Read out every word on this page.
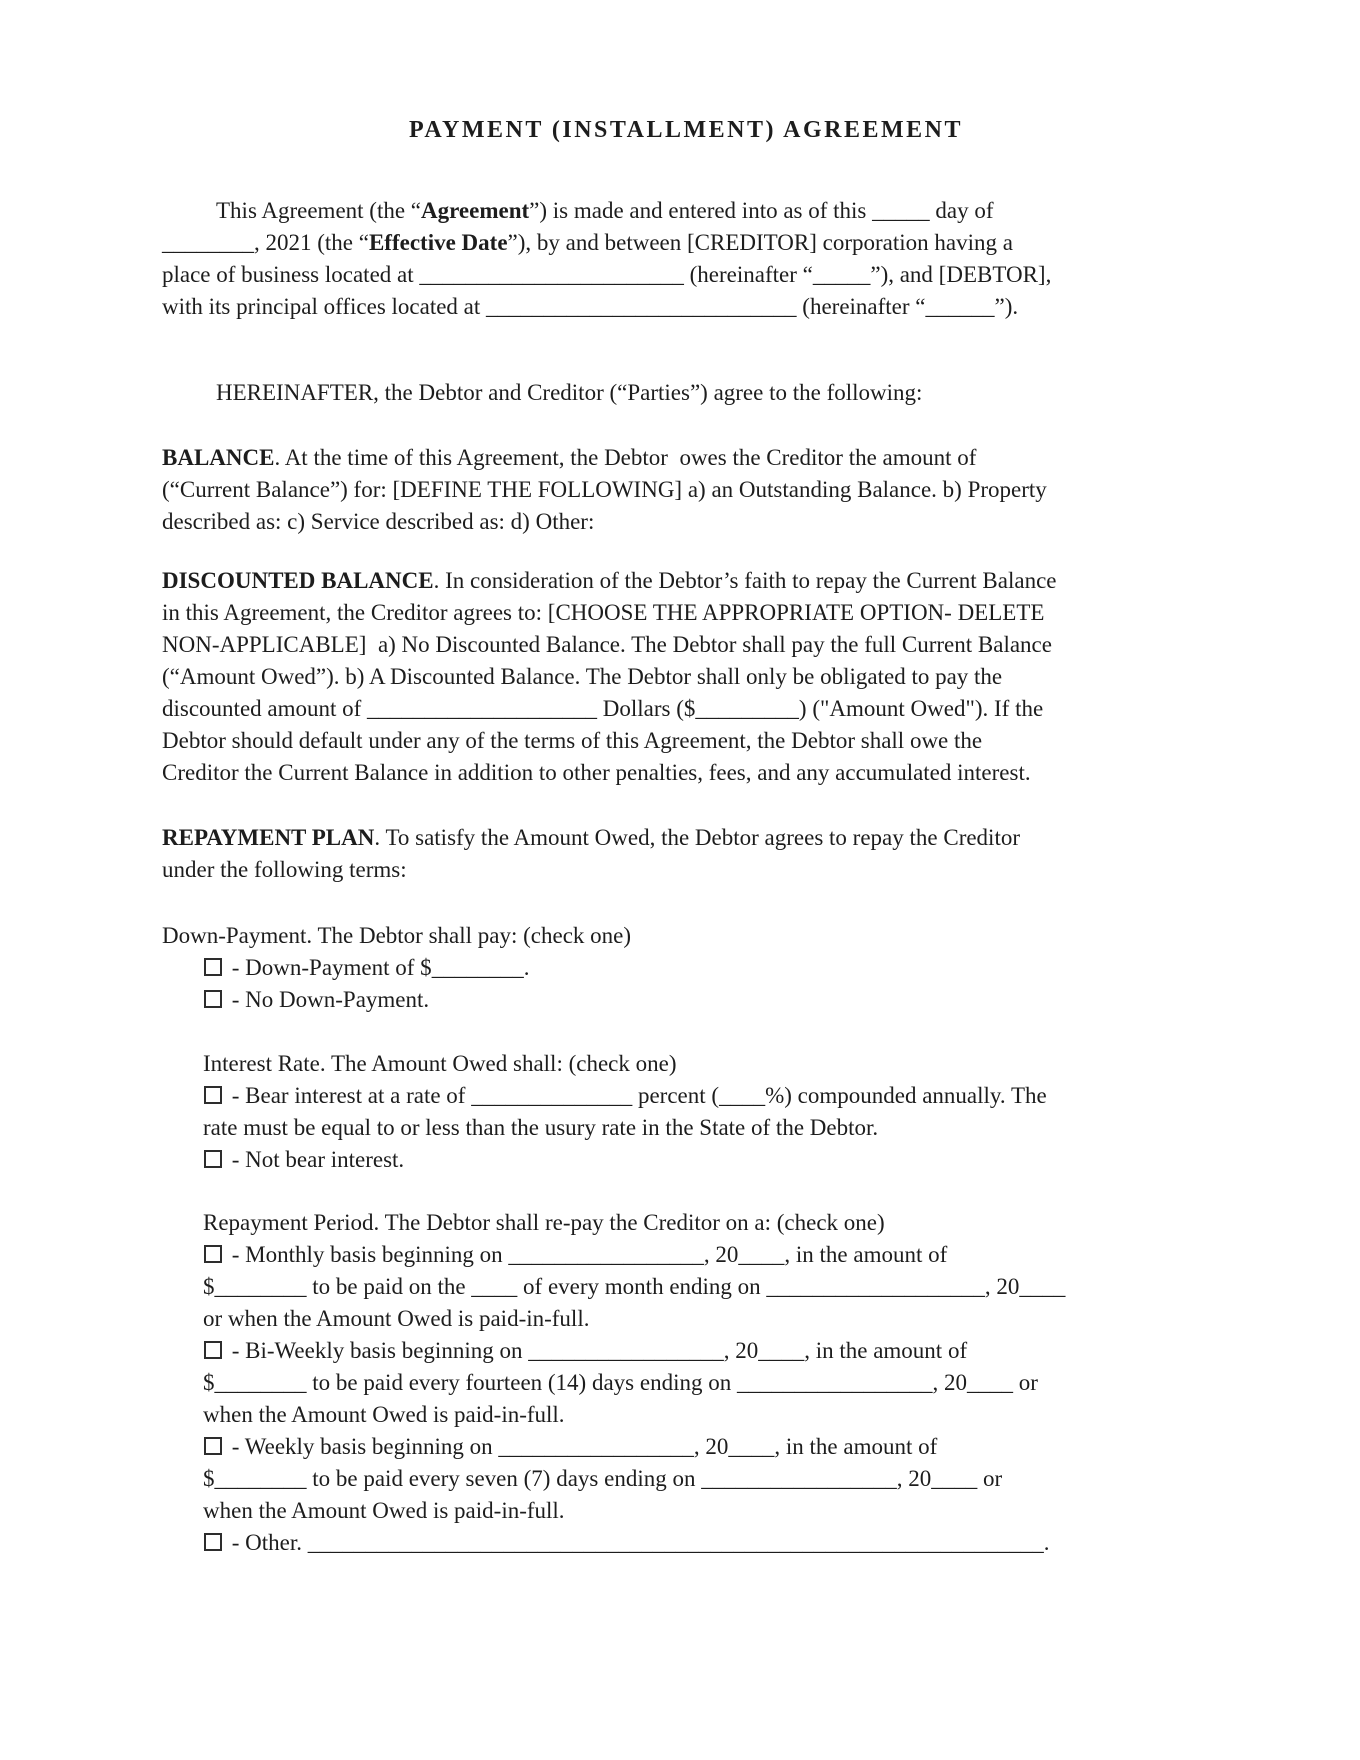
PAYMENT (INSTALLMENT) AGREEMENT
This Agreement (the “Agreement”) is made and entered into as of this _____ day of
________, 2021 (the “Effective Date”), by and between [CREDITOR] corporation having a
place of business located at _______________________ (hereinafter “_____”), and [DEBTOR],
with its principal offices located at ___________________________ (hereinafter “______”).
HEREINAFTER, the Debtor and Creditor (“Parties”) agree to the following:
BALANCE. At the time of this Agreement, the Debtor  owes the Creditor the amount of
(“Current Balance”) for: [DEFINE THE FOLLOWING] a) an Outstanding Balance. b) Property
described as: c) Service described as: d) Other:
DISCOUNTED BALANCE. In consideration of the Debtor’s faith to repay the Current Balance
in this Agreement, the Creditor agrees to: [CHOOSE THE APPROPRIATE OPTION- DELETE
NON-APPLICABLE]  a) No Discounted Balance. The Debtor shall pay the full Current Balance
(“Amount Owed”). b) A Discounted Balance. The Debtor shall only be obligated to pay the
discounted amount of ____________________ Dollars ($_________) ("Amount Owed"). If the
Debtor should default under any of the terms of this Agreement, the Debtor shall owe the
Creditor the Current Balance in addition to other penalties, fees, and any accumulated interest.
REPAYMENT PLAN. To satisfy the Amount Owed, the Debtor agrees to repay the Creditor
under the following terms:
Down-Payment. The Debtor shall pay: (check one)
- Down-Payment of $________.
- No Down-Payment.
Interest Rate. The Amount Owed shall: (check one)
- Bear interest at a rate of ______________ percent (____%) compounded annually. The
rate must be equal to or less than the usury rate in the State of the Debtor.
- Not bear interest.
Repayment Period. The Debtor shall re-pay the Creditor on a: (check one)
- Monthly basis beginning on _________________, 20____, in the amount of
$________ to be paid on the ____ of every month ending on ___________________, 20____
or when the Amount Owed is paid-in-full.
- Bi-Weekly basis beginning on _________________, 20____, in the amount of
$________ to be paid every fourteen (14) days ending on _________________, 20____ or
when the Amount Owed is paid-in-full.
- Weekly basis beginning on _________________, 20____, in the amount of
$________ to be paid every seven (7) days ending on _________________, 20____ or
when the Amount Owed is paid-in-full.
- Other. ________________________________________________________________.
